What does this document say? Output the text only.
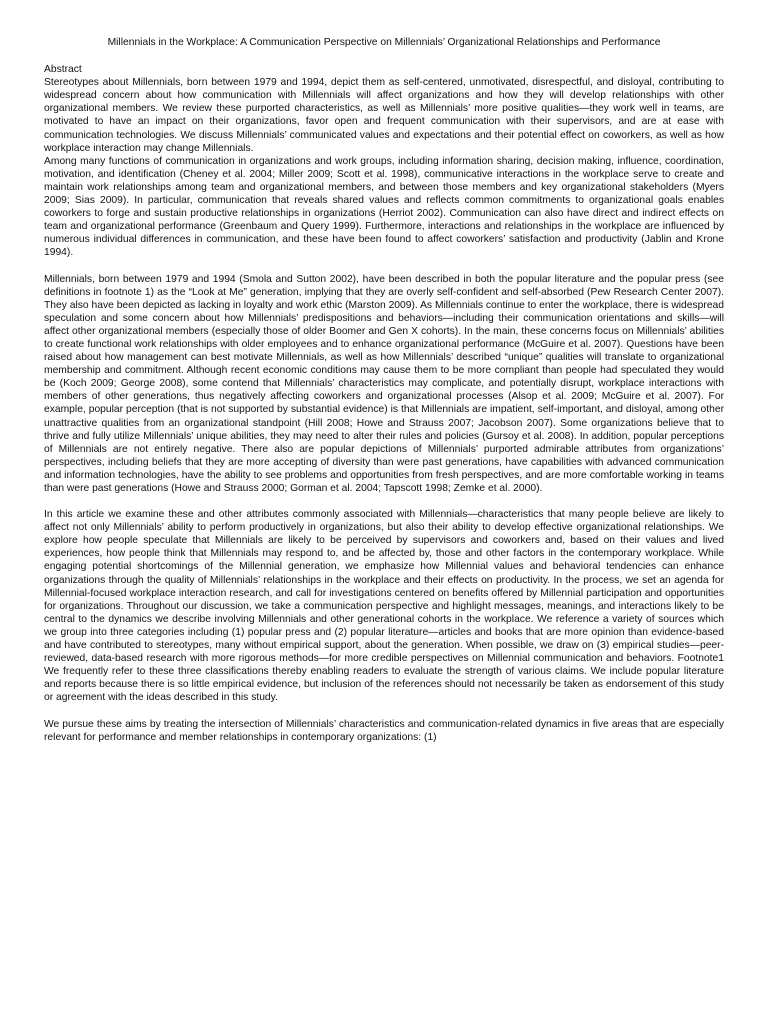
Millennials in the Workplace: A Communication Perspective on Millennials’ Organizational Relationships and Performance
Abstract

Stereotypes about Millennials, born between 1979 and 1994, depict them as self-centered, unmotivated, disrespectful, and disloyal, contributing to widespread concern about how communication with Millennials will affect organizations and how they will develop relationships with other organizational members. We review these purported characteristics, as well as Millennials’ more positive qualities—they work well in teams, are motivated to have an impact on their organizations, favor open and frequent communication with their supervisors, and are at ease with communication technologies. We discuss Millennials’ communicated values and expectations and their potential effect on coworkers, as well as how workplace interaction may change Millennials.

Among many functions of communication in organizations and work groups, including information sharing, decision making, influence, coordination, motivation, and identification (Cheney et al. 2004; Miller 2009; Scott et al. 1998), communicative interactions in the workplace serve to create and maintain work relationships among team and organizational members, and between those members and key organizational stakeholders (Myers 2009; Sias 2009). In particular, communication that reveals shared values and reflects common commitments to organizational goals enables coworkers to forge and sustain productive relationships in organizations (Herriot 2002). Communication can also have direct and indirect effects on team and organizational performance (Greenbaum and Query 1999). Furthermore, interactions and relationships in the workplace are influenced by numerous individual differences in communication, and these have been found to affect coworkers’ satisfaction and productivity (Jablin and Krone 1994).

Millennials, born between 1979 and 1994 (Smola and Sutton 2002), have been described in both the popular literature and the popular press (see definitions in footnote 1) as the “Look at Me” generation, implying that they are overly self-confident and self-absorbed (Pew Research Center 2007). They also have been depicted as lacking in loyalty and work ethic (Marston 2009). As Millennials continue to enter the workplace, there is widespread speculation and some concern about how Millennials’ predispositions and behaviors—including their communication orientations and skills—will affect other organizational members (especially those of older Boomer and Gen X cohorts). In the main, these concerns focus on Millennials’ abilities to create functional work relationships with older employees and to enhance organizational performance (McGuire et al. 2007). Questions have been raised about how management can best motivate Millennials, as well as how Millennials’ described “unique” qualities will translate to organizational membership and commitment. Although recent economic conditions may cause them to be more compliant than people had speculated they would be (Koch 2009; George 2008), some contend that Millennials’ characteristics may complicate, and potentially disrupt, workplace interactions with members of other generations, thus negatively affecting coworkers and organizational processes (Alsop et al. 2009; McGuire et al. 2007). For example, popular perception (that is not supported by substantial evidence) is that Millennials are impatient, self-important, and disloyal, among other unattractive qualities from an organizational standpoint (Hill 2008; Howe and Strauss 2007; Jacobson 2007). Some organizations believe that to thrive and fully utilize Millennials’ unique abilities, they may need to alter their rules and policies (Gursoy et al. 2008). In addition, popular perceptions of Millennials are not entirely negative. There also are popular depictions of Millennials’ purported admirable attributes from organizations’ perspectives, including beliefs that they are more accepting of diversity than were past generations, have capabilities with advanced communication and information technologies, have the ability to see problems and opportunities from fresh perspectives, and are more comfortable working in teams than were past generations (Howe and Strauss 2000; Gorman et al. 2004; Tapscott 1998; Zemke et al. 2000).

In this article we examine these and other attributes commonly associated with Millennials—characteristics that many people believe are likely to affect not only Millennials’ ability to perform productively in organizations, but also their ability to develop effective organizational relationships. We explore how people speculate that Millennials are likely to be perceived by supervisors and coworkers and, based on their values and lived experiences, how people think that Millennials may respond to, and be affected by, those and other factors in the contemporary workplace. While engaging potential shortcomings of the Millennial generation, we emphasize how Millennial values and behavioral tendencies can enhance organizations through the quality of Millennials’ relationships in the workplace and their effects on productivity. In the process, we set an agenda for Millennial-focused workplace interaction research, and call for investigations centered on benefits offered by Millennial participation and opportunities for organizations. Throughout our discussion, we take a communication perspective and highlight messages, meanings, and interactions likely to be central to the dynamics we describe involving Millennials and other generational cohorts in the workplace. We reference a variety of sources which we group into three categories including (1) popular press and (2) popular literature—articles and books that are more opinion than evidence-based and have contributed to stereotypes, many without empirical support, about the generation. When possible, we draw on (3) empirical studies—peer-reviewed, data-based research with more rigorous methods—for more credible perspectives on Millennial communication and behaviors. Footnote1 We frequently refer to these three classifications thereby enabling readers to evaluate the strength of various claims. We include popular literature and reports because there is so little empirical evidence, but inclusion of the references should not necessarily be taken as endorsement of this study or agreement with the ideas described in this study.

We pursue these aims by treating the intersection of Millennials’ characteristics and communication-related dynamics in five areas that are especially relevant for performance and member relationships in contemporary organizations: (1)
